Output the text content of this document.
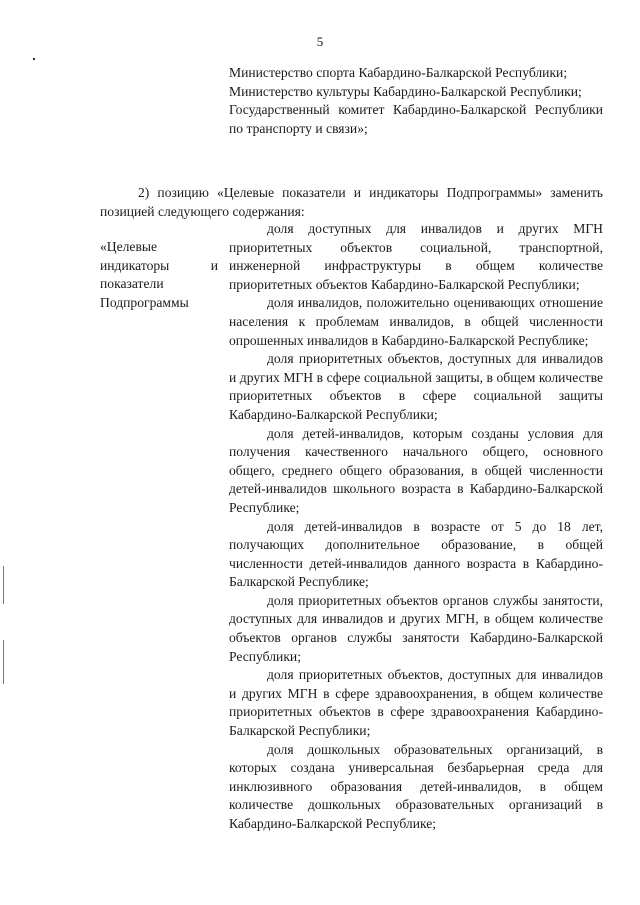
5

Министерство спорта Кабардино-Балкарской Республики;

Министерство культуры Кабардино-Балкарской Республики;

Государственный комитет Кабардино-Балкарской Республики по транспорту и связи»;

2) позицию «Целевые показатели и индикаторы Подпрограммы» заменить позицией следующего содержания:

«Целевые
индикаторы	и
показатели
Подпрограммы

доля доступных для инвалидов и других МГН приоритетных объектов социальной, транспортной, инженерной инфраструктуры в общем количестве приоритетных объектов Кабардино-Балкарской Республики;

доля инвалидов, положительно оценивающих отношение населения к проблемам инвалидов, в общей численности опрошенных инвалидов в Кабардино-Балкарской Республике;

доля приоритетных объектов, доступных для инвалидов и других МГН в сфере социальной защиты, в общем количестве приоритетных объектов в сфере социальной защиты Кабардино-Балкарской Республики;

доля детей-инвалидов, которым созданы условия для получения качественного начального общего, основного общего, среднего общего образования, в общей численности детей-инвалидов школьного возраста в Кабардино-Балкарской Республике;

доля детей-инвалидов в возрасте от 5 до 18 лет, получающих дополнительное образование, в общей численности детей-инвалидов данного возраста в Кабардино-Балкарской Республике;

доля приоритетных объектов органов службы занятости, доступных для инвалидов и других МГН, в общем количестве объектов органов службы занятости Кабардино-Балкарской Республики;

доля приоритетных объектов, доступных для инвалидов и других МГН в сфере здравоохранения, в общем количестве приоритетных объектов в сфере здравоохранения Кабардино-Балкарской Республики;

доля дошкольных образовательных организаций, в которых создана универсальная безбарьерная среда для инклюзивного образования детей-инвалидов, в общем количестве дошкольных образовательных организаций в Кабардино-Балкарской Республике;
